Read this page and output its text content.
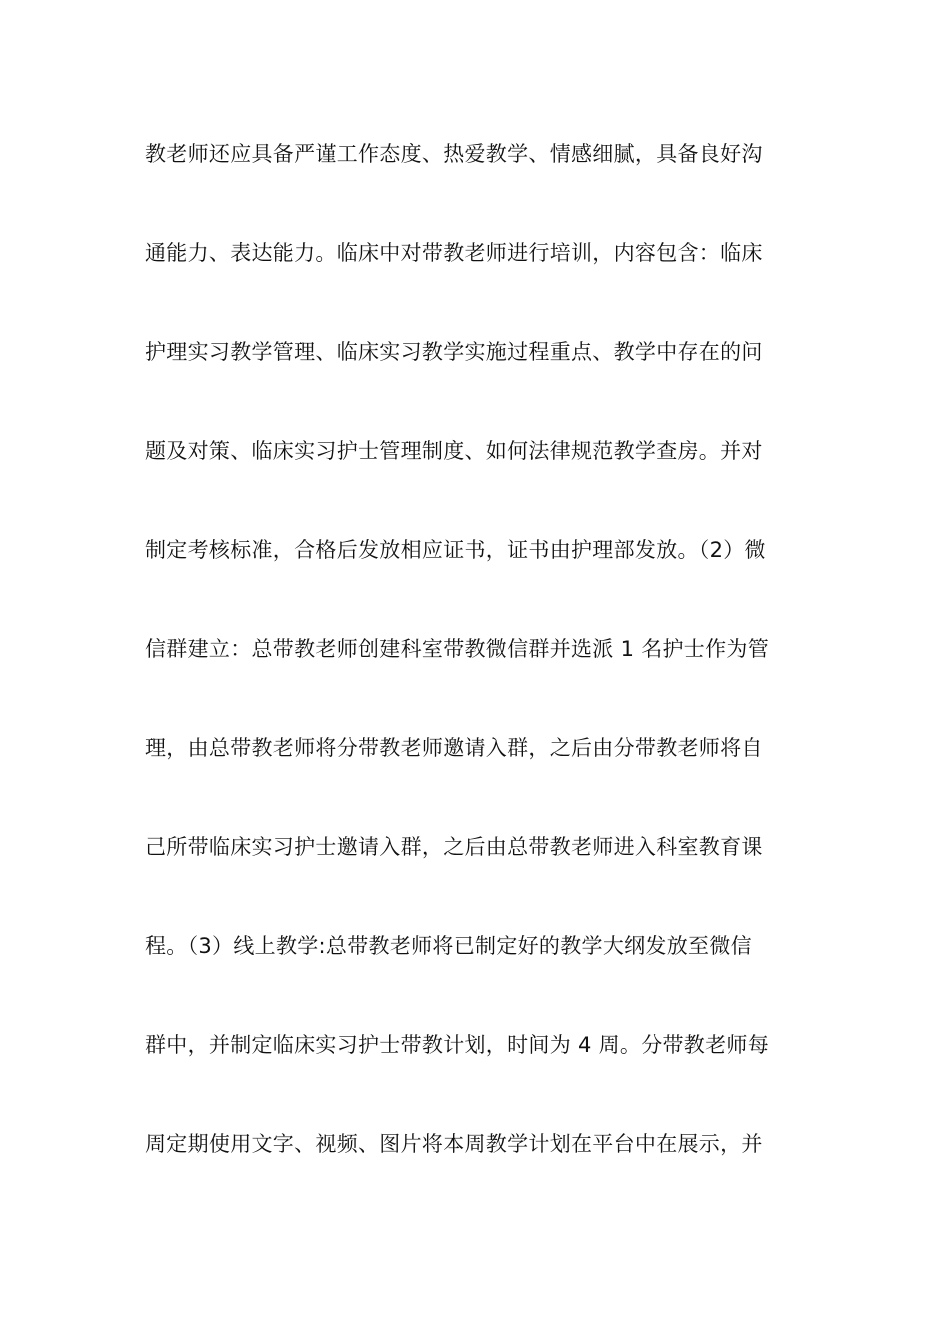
教老师还应具备严谨工作态度、热爱教学、情感细腻，具备良好沟
通能力、表达能力。临床中对带教老师进行培训，内容包含：临床
护理实习教学管理、临床实习教学实施过程重点、教学中存在的问
题及对策、临床实习护士管理制度、如何法律规范教学查房。并对
制定考核标准，合格后发放相应证书，证书由护理部发放。（2）微
信群建立：总带教老师创建科室带教微信群并选派 1 名护士作为管
理，由总带教老师将分带教老师邀请入群，之后由分带教老师将自
己所带临床实习护士邀请入群，之后由总带教老师进入科室教育课
程。（3）线上教学:总带教老师将已制定好的教学大纲发放至微信
群中，并制定临床实习护士带教计划，时间为 4 周。分带教老师每
周定期使用文字、视频、图片将本周教学计划在平台中在展示，并
